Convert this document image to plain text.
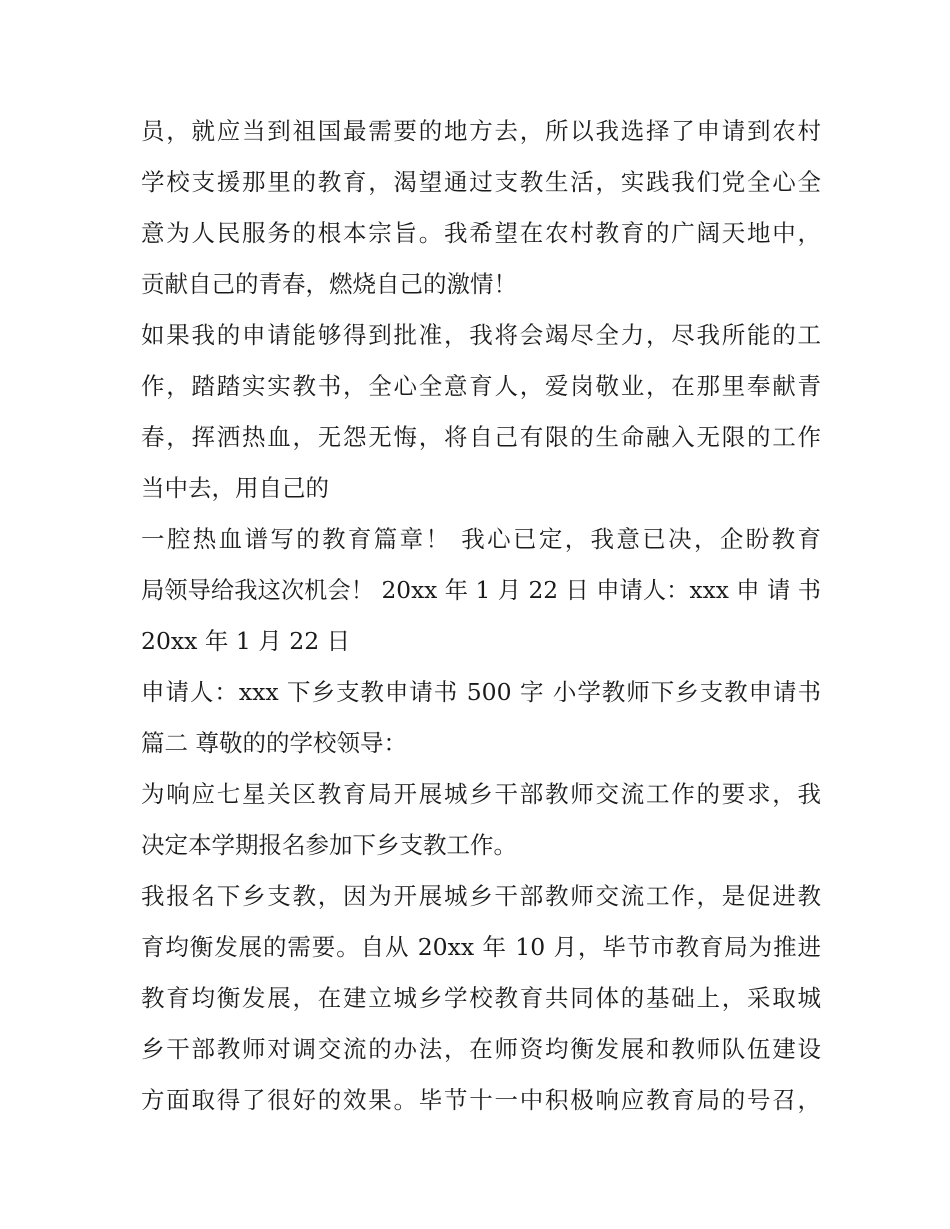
员，就应当到祖国最需要的地方去，所以我选择了申请到农村
学校支援那里的教育，渴望通过支教生活，实践我们党全心全
意为人民服务的根本宗旨。我希望在农村教育的广阔天地中，
贡献自己的青春，燃烧自己的激情！
如果我的申请能够得到批准，我将会竭尽全力，尽我所能的工
作，踏踏实实教书，全心全意育人，爱岗敬业，在那里奉献青
春，挥洒热血，无怨无悔，将自己有限的生命融入无限的工作
当中去，用自己的
一腔热血谱写的教育篇章！ 我心已定，我意已决，企盼教育
局领导给我这次机会！ 20xx 年 1 月 22 日 申请人：xxx 申 请 书
20xx 年 1 月 22 日
申请人：xxx 下乡支教申请书 500 字 小学教师下乡支教申请书
篇二 尊敬的的学校领导：
为响应七星关区教育局开展城乡干部教师交流工作的要求，我
决定本学期报名参加下乡支教工作。
我报名下乡支教，因为开展城乡干部教师交流工作，是促进教
育均衡发展的需要。自从 20xx 年 10 月，毕节市教育局为推进
教育均衡发展，在建立城乡学校教育共同体的基础上，采取城
乡干部教师对调交流的办法，在师资均衡发展和教师队伍建设
方面取得了很好的效果。毕节十一中积极响应教育局的号召，
